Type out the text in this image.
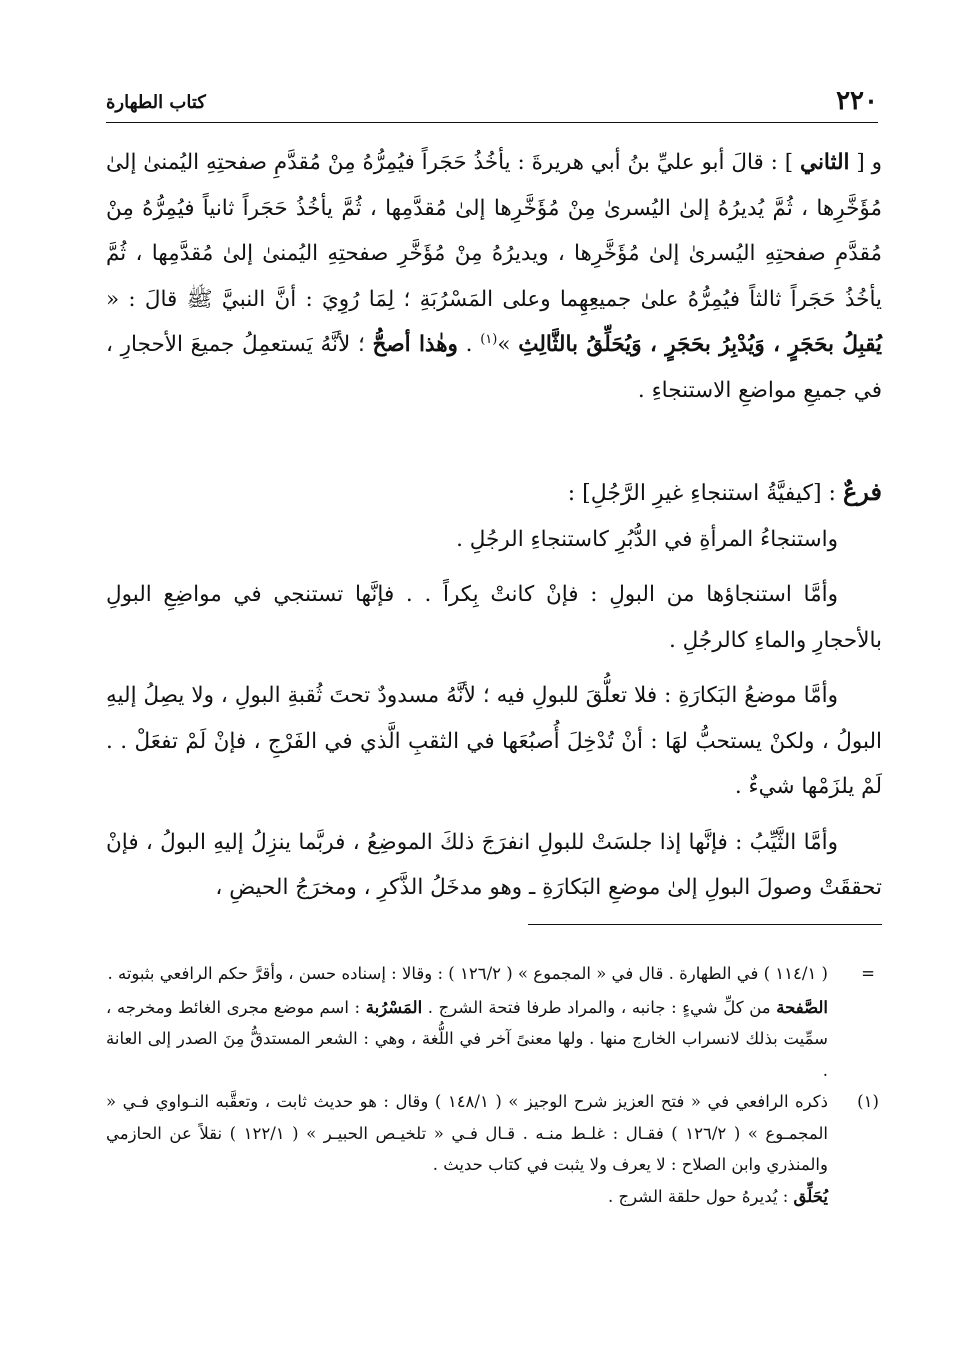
٢٢٠
كتاب الطهارة

و [ الثاني ] : قالَ أبو عليِّ بنُ أبي هريرةَ : يأخُذُ حَجَراً فيُمِرُّهُ مِنْ مُقدَّمِ صفحتِهِ اليُمنىٰ إلىٰ مُؤَخَّرِها ، ثُمَّ يُديرُهُ إلىٰ اليُسرىٰ مِنْ مُؤَخَّرِها إلىٰ مُقدَّمِها ، ثُمَّ يأخُذُ حَجَراً ثانياً فيُمِرُّهُ مِنْ مُقدَّمِ صفحتِهِ اليُسرىٰ إلىٰ مُؤَخَّرِها ، ويديرُهُ مِنْ مُؤَخَّرِ صفحتِهِ اليُمنىٰ إلىٰ مُقدَّمِها ، ثُمَّ يأخُذُ حَجَراً ثالثاً فيُمِرُّهُ علىٰ جميعِهِما وعلى المَسْرُبَةِ ؛ لِمَا رُوِيَ : أنَّ النبيَّ ﷺ قالَ : « يُقبِلُ بحَجَرٍ ، وَيُدْبِرُ بحَجَرٍ ، وَيُحَلِّقُ بالثَّالِثِ »$^{(١)}$ . وهٰذا أصحُّ ؛ لأنَّهُ يَستعمِلُ جميعَ الأحجارِ ، في جميعِ مواضعِ الاستنجاءِ .

فرعٌ : [كيفيَّةُ استنجاءِ غيرِ الرَّجُلِ] :

واستنجاءُ المرأةِ في الدُّبُرِ كاستنجاءِ الرجُلِ .

وأمَّا استنجاؤها من البولِ : فإنْ كانتْ بِكراً . . فإنَّها تستنجي في مواضِعِ البولِ بالأحجارِ والماءِ كالرجُلِ .

وأمَّا موضعُ البَكارَةِ : فلا تعلُّقَ للبولِ فيه ؛ لأنَّهُ مسدودٌ تحتَ ثُقبةِ البولِ ، ولا يصِلُ إليهِ البولُ ، ولكنْ يستحبُّ لهَا : أنْ تُدْخِلَ أُصبُعَها في الثقبِ الَّذي في الفَرْجِ ، فإنْ لَمْ تفعَلْ . . لَمْ يلزَمْها شيءٌ .

وأمَّا الثَّيِّبُ : فإنَّها إذا جلسَتْ للبولِ انفرَجَ ذلكَ الموضِعُ ، فربَّما ينزِلُ إليهِ البولُ ، فإنْ تحققَتْ وصولَ البولِ إلىٰ موضعِ البَكارَةِ ـ وهو مدخَلُ الذَّكرِ ، ومخرَجُ الحيضِ ،

=

( ١١٤/١ ) في الطهارة . قال في « المجموع » ( ١٢٦/٢ ) : وقالا : إسناده حسن ، وأقرَّ حكم الرافعي بثبوته .

الصَّفحة من كلِّ شيءٍ : جانبه ، والمراد طرفا فتحة الشرج . المَسْرُبة : اسم موضع مجرى الغائط ومخرجه ، سمِّيت بذلك لانسراب الخارج منها . ولها معنىً آخر في اللُّغة ، وهي : الشعر المستدقُّ مِنَ الصدر إلى العانة .

(١)

ذكره الرافعي في « فتح العزيز شرح الوجيز » ( ١٤٨/١ ) وقال : هو حديث ثابت ، وتعقَّبه النـواوي فـي « المجمـوع » ( ١٢٦/٢ ) فقـال : غلـط منـه . قـال فـي « تلخيـص الحبيـر » ( ١٢٢/١ ) نقلاً عن الحازمي والمنذري وابن الصلاح : لا يعرف ولا يثبت في كتاب حديث .

يُحَلِّق : يُديرهُ حول حلقة الشرج .
